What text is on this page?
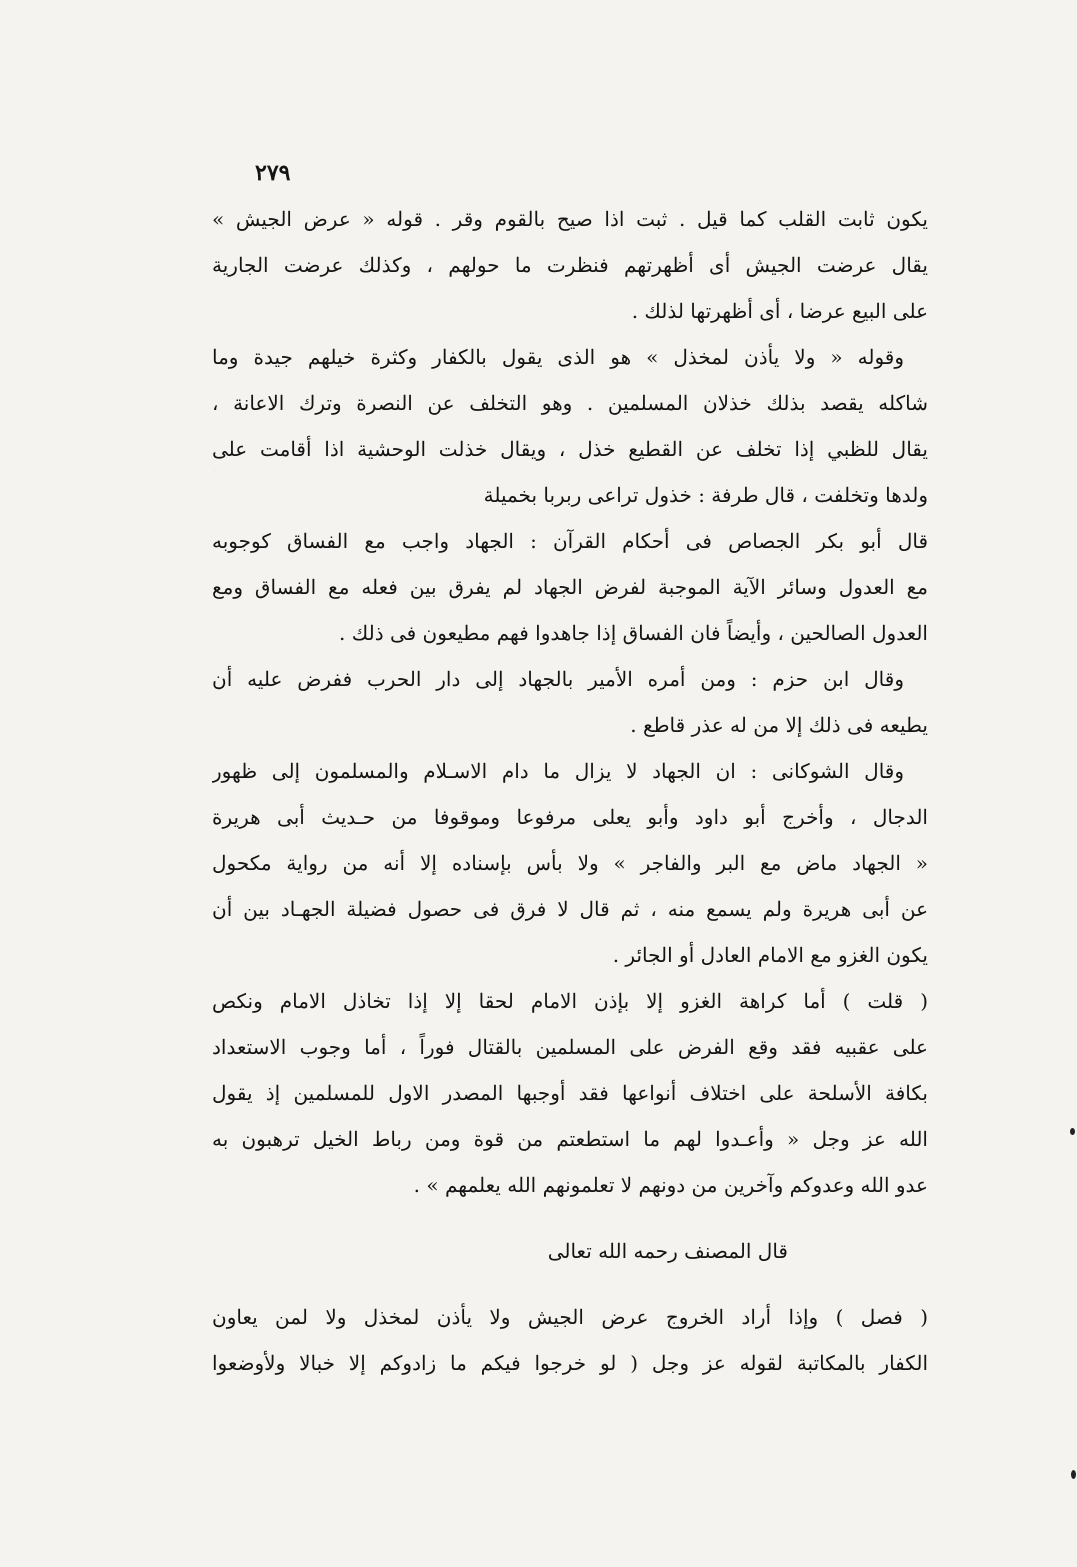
٢٧٩
يكون ثابت القلب كما قيل . ثبت اذا صيح بالقوم وقر . قوله « عرض الجيش »
يقال عرضت الجيش أى أظهرتهم فنظرت ما حولهم ، وكذلك عرضت الجارية
على البيع عرضا ، أى أظهرتها لذلك .
وقوله « ولا يأذن لمخذل » هو الذى يقول بالكفار وكثرة خيلهم جيدة وما
شاكله يقصد بذلك خذلان المسلمين . وهو التخلف عن النصرة وترك الاعانة ،
يقال للظبي إذا تخلف عن القطيع خذل ، ويقال خذلت الوحشية اذا أقامت على
ولدها وتخلفت ، قال طرفة : خذول تراعى ربربا بخميلة
قال أبو بكر الجصاص فى أحكام القرآن : الجهاد واجب مع الفساق كوجوبه
مع العدول وسائر الآية الموجبة لفرض الجهاد لم يفرق بين فعله مع الفساق ومع
العدول الصالحين ، وأيضاً فان الفساق إذا جاهدوا فهم مطيعون فى ذلك .
وقال ابن حزم : ومن أمره الأمير بالجهاد إلى دار الحرب ففرض عليه أن
يطيعه فى ذلك إلا من له عذر قاطع .
وقال الشوكانى : ان الجهاد لا يزال ما دام الاسـلام والمسلمون إلى ظهور
الدجال ، وأخرج أبو داود وأبو يعلى مرفوعا وموقوفا من حـديث أبى هريرة
« الجهاد ماض مع البر والفاجر » ولا بأس بإسناده إلا أنه من رواية مكحول
عن أبى هريرة ولم يسمع منه ، ثم قال لا فرق فى حصول فضيلة الجهـاد بين أن
يكون الغزو مع الامام العادل أو الجائر .
( قلت ) أما كراهة الغزو إلا بإذن الامام لحقا إلا إذا تخاذل الامام ونكص
على عقبيه فقد وقع الفرض على المسلمين بالقتال فوراً ، أما وجوب الاستعداد
بكافة الأسلحة على اختلاف أنواعها فقد أوجبها المصدر الاول للمسلمين إذ يقول
الله عز وجل « وأعـدوا لهم ما استطعتم من قوة ومن رباط الخيل ترهبون به
عدو الله وعدوكم وآخرين من دونهم لا تعلمونهم الله يعلمهم » .
قال المصنف رحمه الله تعالى
( فصل ) وإذا أراد الخروج عرض الجيش ولا يأذن لمخذل ولا لمن يعاون
الكفار بالمكاتبة لقوله عز وجل ( لو خرجوا فيكم ما زادوكم إلا خبالا ولأوضعوا
